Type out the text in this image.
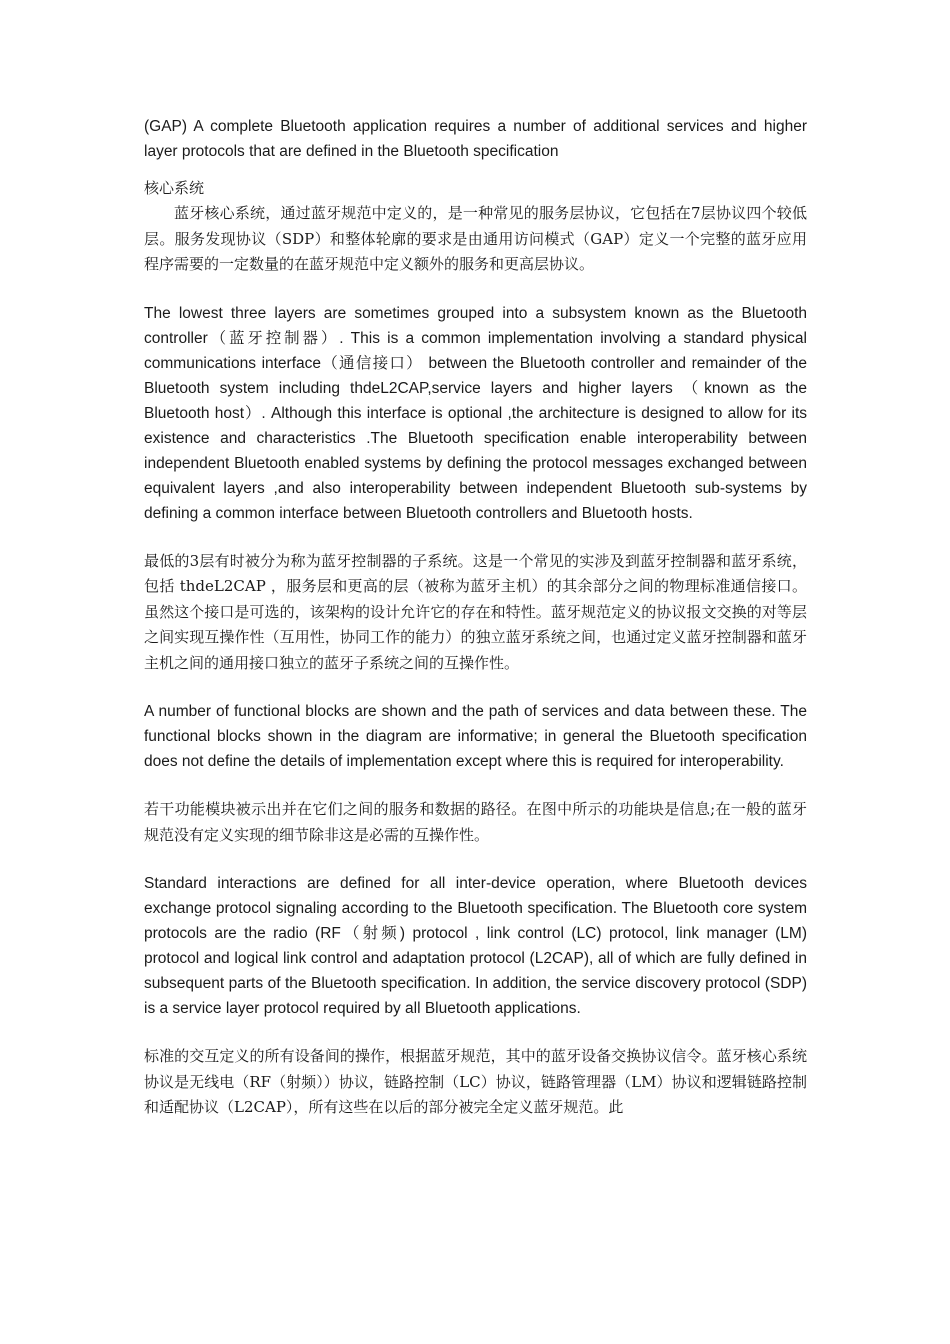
(GAP) A complete Bluetooth application requires a number of additional services and higher layer protocols that are defined in the Bluetooth specification

核心系统

蓝牙核心系统，通过蓝牙规范中定义的，是一种常见的服务层协议，它包括在7层协议四个较低层。服务发现协议（SDP）和整体轮廓的要求是由通用访问模式（GAP）定义一个完整的蓝牙应用程序需要的一定数量的在蓝牙规范中定义额外的服务和更高层协议。

The lowest three layers are sometimes grouped into a subsystem known as the Bluetooth controller（蓝牙控制器）. This is a common implementation involving a standard physical communications interface（通信接口） between the Bluetooth controller and remainder of the Bluetooth system including thdeL2CAP,service layers and higher layers （known as the Bluetooth host）. Although this interface is optional ,the architecture is designed to allow for its existence and characteristics .The Bluetooth specification enable interoperability between independent Bluetooth enabled systems by defining the protocol messages exchanged between equivalent layers ,and also interoperability between independent Bluetooth sub-systems by defining a common interface between Bluetooth controllers and Bluetooth hosts.

最低的3层有时被分为称为蓝牙控制器的子系统。这是一个常见的实涉及到蓝牙控制器和蓝牙系统，包括 thdeL2CAP ，服务层和更高的层（被称为蓝牙主机）的其余部分之间的物理标准通信接口。虽然这个接口是可选的，该架构的设计允许它的存在和特性。蓝牙规范定义的协议报文交换的对等层之间实现互操作性（互用性，协同工作的能力）的独立蓝牙系统之间，也通过定义蓝牙控制器和蓝牙主机之间的通用接口独立的蓝牙子系统之间的互操作性。

A number of functional blocks are shown and the path of services and data between these. The functional blocks shown in the diagram are informative; in general the Bluetooth specification does not define the details of implementation except where this is required for interoperability.

若干功能模块被示出并在它们之间的服务和数据的路径。在图中所示的功能块是信息;在一般的蓝牙规范没有定义实现的细节除非这是必需的互操作性。

Standard interactions are defined for all inter-device operation, where Bluetooth devices exchange protocol signaling according to the Bluetooth specification. The Bluetooth core system protocols are the radio (RF（射频) protocol , link control (LC) protocol, link manager (LM) protocol and logical link control and adaptation protocol (L2CAP), all of which are fully defined in subsequent parts of the Bluetooth specification. In addition, the service discovery protocol (SDP) is a service layer protocol required by all Bluetooth applications.

标准的交互定义的所有设备间的操作，根据蓝牙规范，其中的蓝牙设备交换协议信令。蓝牙核心系统协议是无线电（RF（射频））协议，链路控制（LC）协议，链路管理器（LM）协议和逻辑链路控制和适配协议（L2CAP），所有这些在以后的部分被完全定义蓝牙规范。此
